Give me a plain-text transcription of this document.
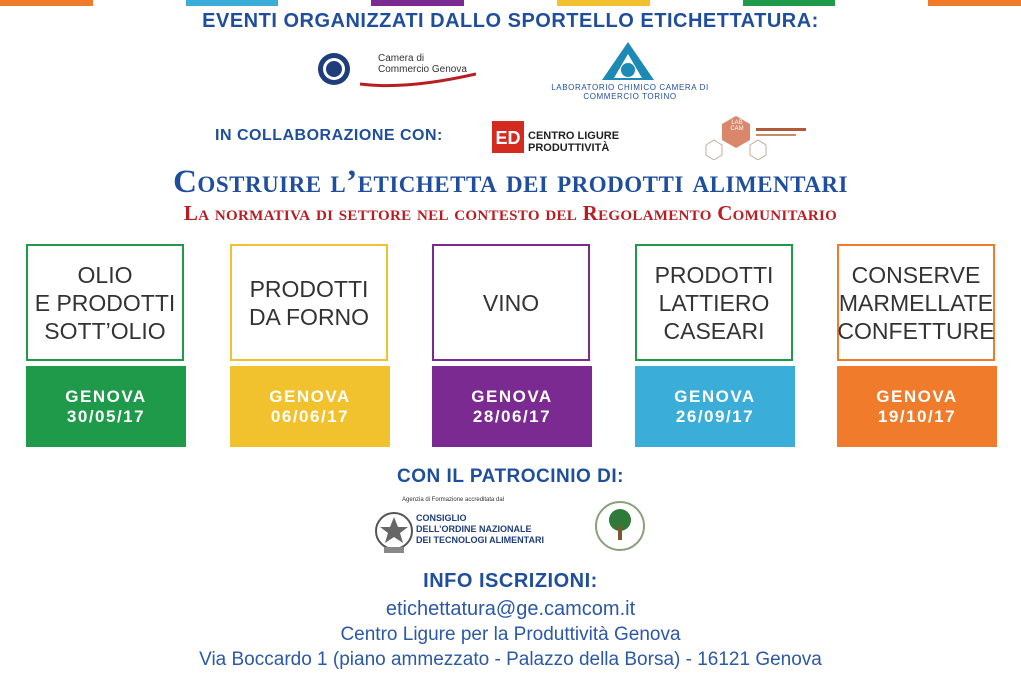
EVENTI ORGANIZZATI DALLO SPORTELLO ETICHETTATURA:
Camera di Commercio Genova
LABORATORIO CHIMICO CAMERA DI COMMERCIO TORINO
IN COLLABORAZIONE CON:	ED CENTRO LIGURE PRODUTTIVITÀ
LAB CAM
Costruire l’etichetta dei prodotti alimentari
La normativa di settore nel contesto del Regolamento Comunitario
OLIO
E PRODOTTI
SOTT’OLIO
PRODOTTI
DA FORNO
VINO
PRODOTTI
LATTIERO
CASEARI
CONSERVE
MARMELLATE
CONFETTURE
GENOVA
30/05/17
GENOVA
06/06/17
GENOVA
28/06/17
GENOVA
26/09/17
GENOVA
19/10/17
CON IL PATROCINIO DI:
Agenzia di Formazione accreditata dal
CONSIGLIO
DELL’ORDINE NAZIONALE
DEI TECNOLOGI ALIMENTARI
INFO ISCRIZIONI:
etichettatura@ge.camcom.it
Centro Ligure per la Produttività Genova
Via Boccardo 1 (piano ammezzato - Palazzo della Borsa) - 16121 Genova
